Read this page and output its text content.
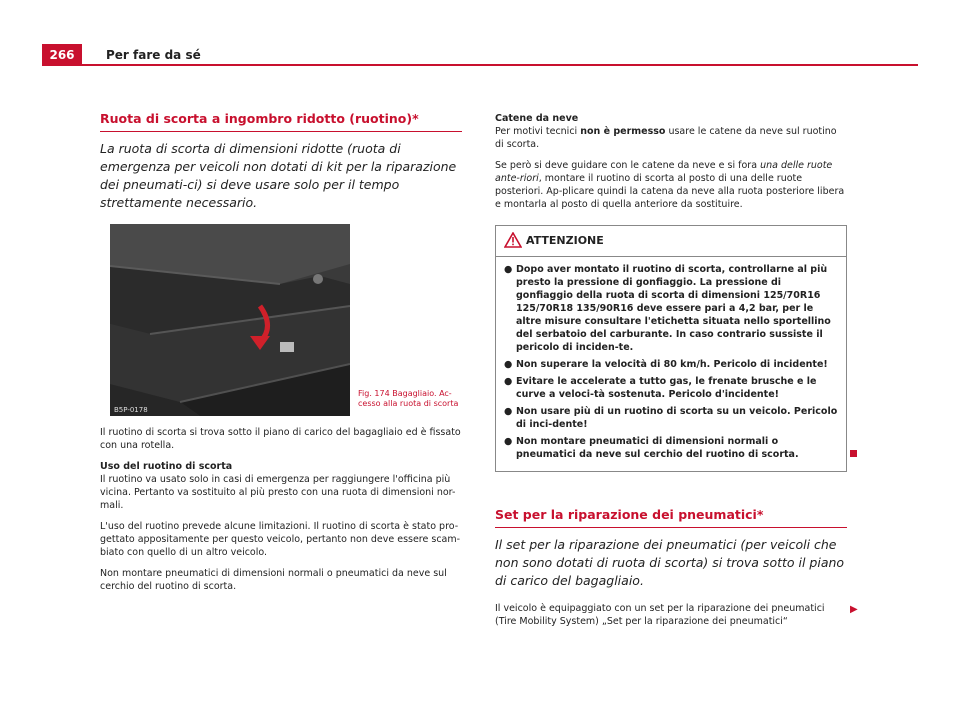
266	Per fare da sé
Ruota di scorta a ingombro ridotto (ruotino)*

La ruota di scorta di dimensioni ridotte (ruota di emergenza per veicoli non dotati di kit per la riparazione dei pneumati-ci) si deve usare solo per il tempo strettamente necessario.

Fig. 174 Bagagliaio. Ac-
cesso alla ruota di scorta
B5P-0178

Il ruotino di scorta si trova sotto il piano di carico del bagagliaio ed è fissato con una rotella.

Uso del ruotino di scorta

Il ruotino va usato solo in casi di emergenza per raggiungere l'officina più vicina. Pertanto va sostituito al più presto con una ruota di dimensioni nor-mali.

L'uso del ruotino prevede alcune limitazioni. Il ruotino di scorta è stato pro-gettato appositamente per questo veicolo, pertanto non deve essere scam-biato con quello di un altro veicolo.

Non montare pneumatici di dimensioni normali o pneumatici da neve sul cerchio del ruotino di scorta.

Catene da neve

Per motivi tecnici non è permesso usare le catene da neve sul ruotino di scorta.

Se però si deve guidare con le catene da neve e si fora una delle ruote ante-riori, montare il ruotino di scorta al posto di una delle ruote posteriori. Ap-plicare quindi la catena da neve alla ruota posteriore libera e montarla al posto di quella anteriore da sostituire.

ATTENZIONE
● Dopo aver montato il ruotino di scorta, controllarne al più presto la pressione di gonfiaggio. La pressione di gonfiaggio della ruota di scorta di dimensioni 125/70R16 125/70R18 135/90R16 deve essere pari a 4,2 bar, per le altre misure consultare l'etichetta situata nello sportellino del serbatoio del carburante. In caso contrario sussiste il pericolo di inciden-te.
● Non superare la velocità di 80 km/h. Pericolo di incidente!
● Evitare le accelerate a tutto gas, le frenate brusche e le curve a veloci-tà sostenuta. Pericolo d'incidente!
● Non usare più di un ruotino di scorta su un veicolo. Pericolo di inci-dente!
● Non montare pneumatici di dimensioni normali o pneumatici da neve sul cerchio del ruotino di scorta.
Set per la riparazione dei pneumatici*

Il set per la riparazione dei pneumatici (per veicoli che non sono dotati di ruota di scorta) si trova sotto il piano di carico del bagagliaio.

Il veicolo è equipaggiato con un set per la riparazione dei pneumatici (Tire Mobility System) „Set per la riparazione dei pneumatici“

▶
